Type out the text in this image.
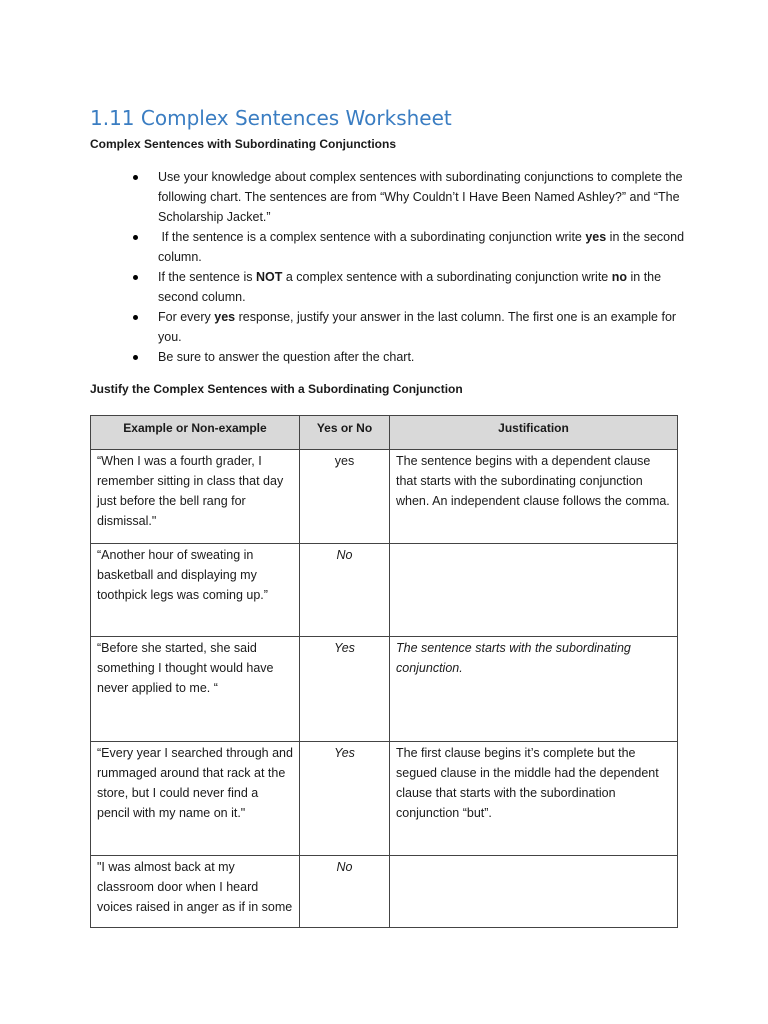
1.11 Complex Sentences Worksheet
Complex Sentences with Subordinating Conjunctions
Use your knowledge about complex sentences with subordinating conjunctions to complete the following chart. The sentences are from “Why Couldn’t I Have Been Named Ashley?” and “The Scholarship Jacket.”
If the sentence is a complex sentence with a subordinating conjunction write yes in the second column.
If the sentence is NOT a complex sentence with a subordinating conjunction write no in the second column.
For every yes response, justify your answer in the last column. The first one is an example for you.
Be sure to answer the question after the chart.
Justify the Complex Sentences with a Subordinating Conjunction
Example or Non-example	Yes or No	Justification
“When I was a fourth grader, I remember sitting in class that day just before the bell rang for dismissal."	yes	The sentence begins with a dependent clause that starts with the subordinating conjunction when. An independent clause follows the comma.
“Another hour of sweating in basketball and displaying my toothpick legs was coming up.”	No	
“Before she started, she said something I thought would have never applied to me. “	Yes	The sentence starts with the subordinating conjunction.
“Every year I searched through and rummaged around that rack at the store, but I could never find a pencil with my name on it."	Yes	The first clause begins it’s complete but the segued clause in the middle had the dependent clause that starts with the subordination conjunction “but”.
"I was almost back at my classroom door when I heard voices raised in anger as if in some	No	
